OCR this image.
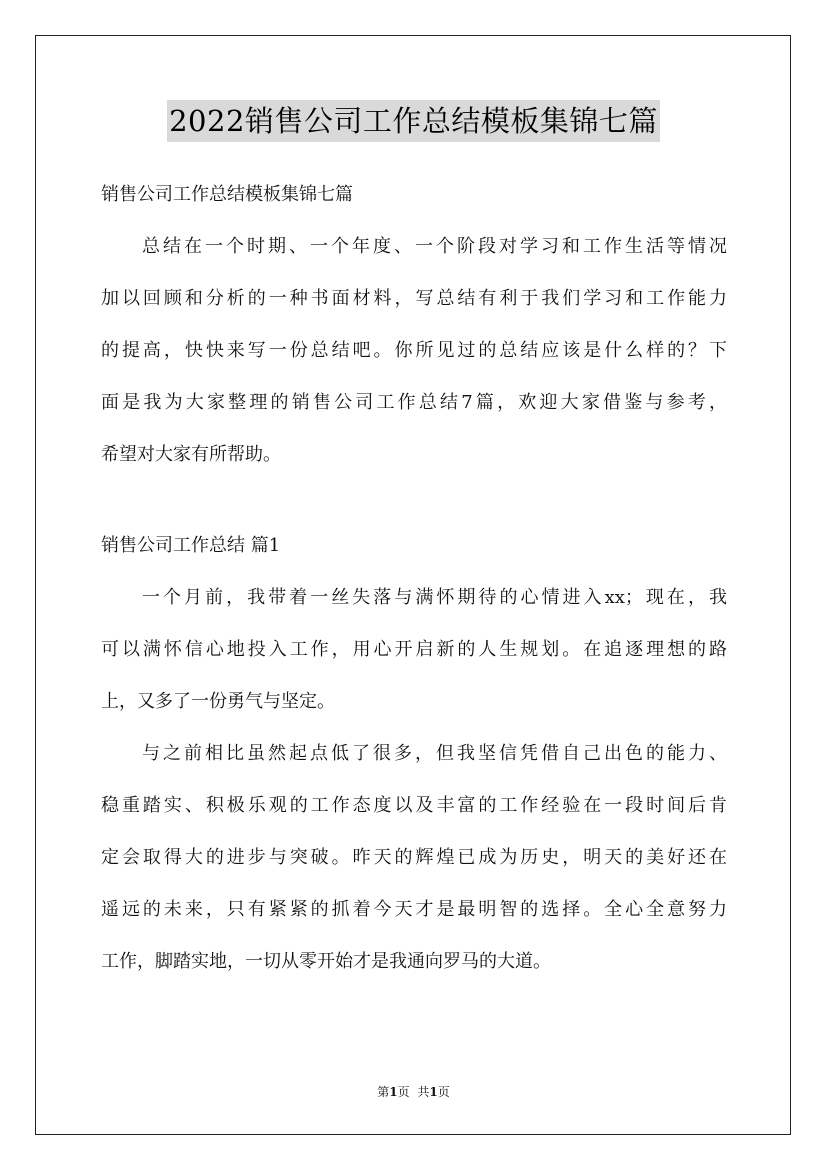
2022销售公司工作总结模板集锦七篇
销售公司工作总结模板集锦七篇
总结在一个时期、一个年度、一个阶段对学习和工作生活等情况
加以回顾和分析的一种书面材料，写总结有利于我们学习和工作能力
的提高，快快来写一份总结吧。你所见过的总结应该是什么样的？下
面是我为大家整理的销售公司工作总结7篇，欢迎大家借鉴与参考，
希望对大家有所帮助。
销售公司工作总结 篇1
一个月前，我带着一丝失落与满怀期待的心情进入xx；现在，我
可以满怀信心地投入工作，用心开启新的人生规划。在追逐理想的路
上，又多了一份勇气与坚定。
与之前相比虽然起点低了很多，但我坚信凭借自己出色的能力、
稳重踏实、积极乐观的工作态度以及丰富的工作经验在一段时间后肯
定会取得大的进步与突破。昨天的辉煌已成为历史，明天的美好还在
遥远的未来，只有紧紧的抓着今天才是最明智的选择。全心全意努力
工作，脚踏实地，一切从零开始才是我通向罗马的大道。
第1页 共1页
